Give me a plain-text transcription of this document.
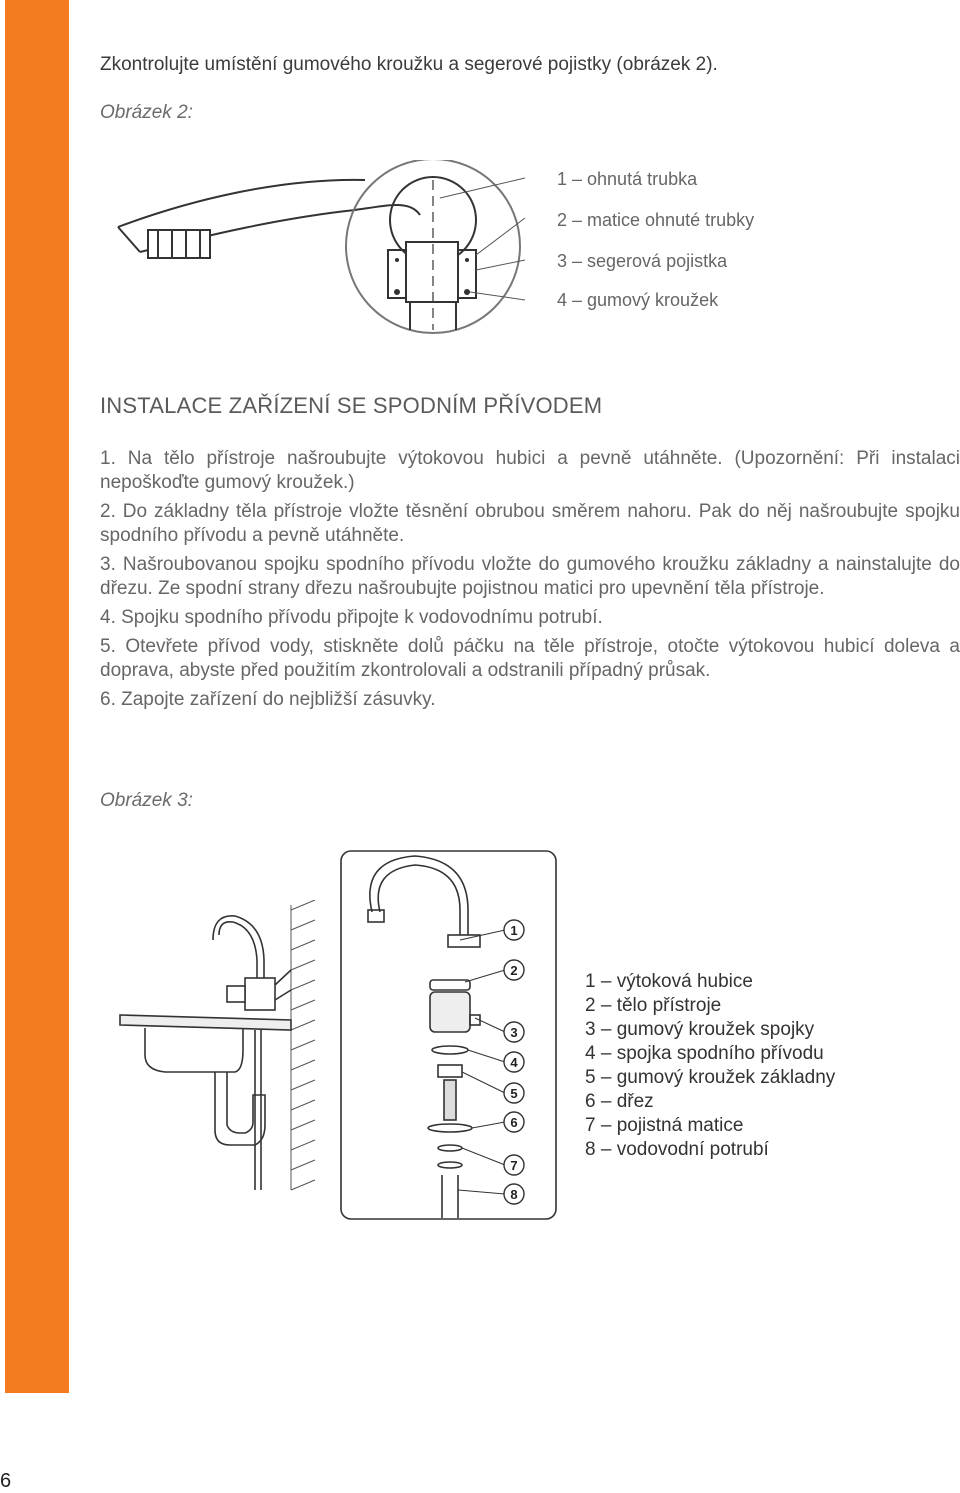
6
Zkontrolujte umístění gumového kroužku a segerové pojistky (obrázek 2).
Obrázek 2:
1 – ohnutá trubka
2 – matice ohnuté trubky
3 – segerová pojistka
4 – gumový kroužek
INSTALACE ZAŘÍZENÍ SE SPODNÍM PŘÍVODEM

1. Na tělo přístroje našroubujte výtokovou hubici a pevně utáhněte. (Upozornění: Při instalaci nepoškoďte gumový kroužek.)

2. Do základny těla přístroje vložte těsnění obrubou směrem nahoru. Pak do něj našroubujte spojku spodního přívodu a pevně utáhněte.

3. Našroubovanou spojku spodního přívodu vložte do gumového kroužku základny a nainstalujte do dřezu. Ze spodní strany dřezu našroubujte pojistnou matici pro upevnění těla přístroje.

4. Spojku spodního přívodu připojte k vodovodnímu potrubí.

5. Otevřete přívod vody, stiskněte dolů páčku na těle přístroje, otočte výtokovou hubicí doleva a doprava, abyste před použitím zkontrolovali a odstranili případný průsak.

6. Zapojte zařízení do nejbližší zásuvky.

Obrázek 3:
1
2
3
4
5
6
7
8
1 – výtoková hubice
2 – tělo přístroje
3 – gumový kroužek spojky
4 – spojka spodního přívodu
5 – gumový kroužek základny
6 – dřez
7 – pojistná matice
8 – vodovodní potrubí
